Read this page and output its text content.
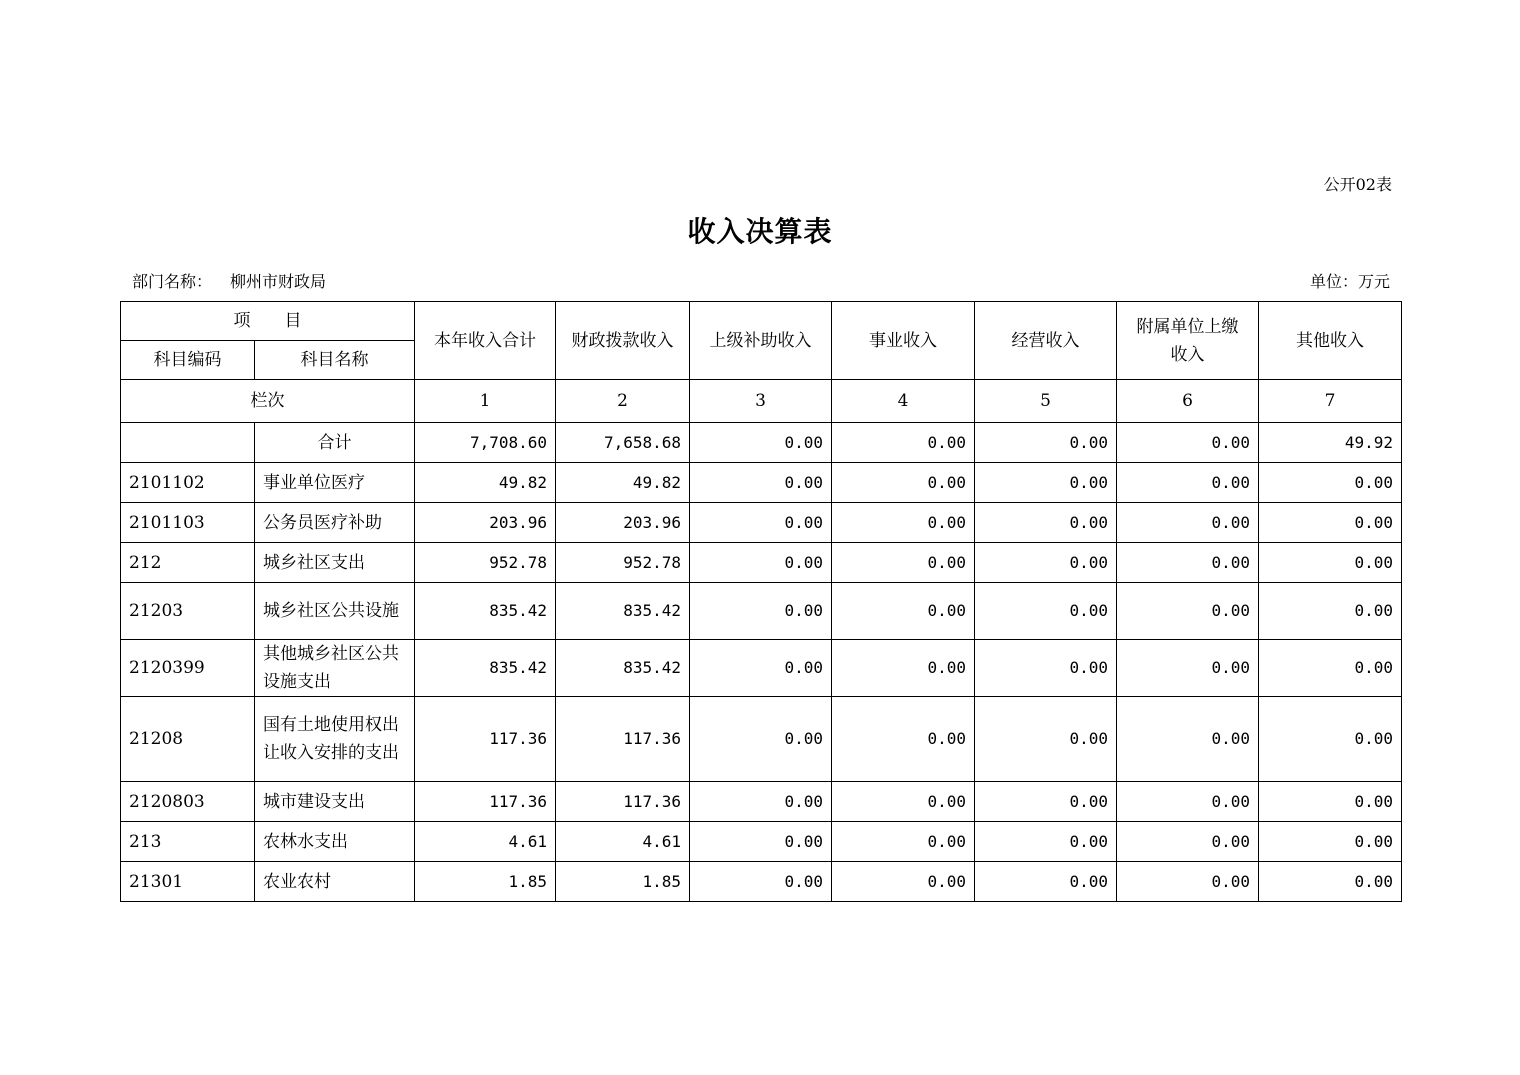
公开02表
收入决算表
部门名称： 柳州市财政局	单位：万元
项　　目		本年收入合计	财政拨款收入	上级补助收入	事业收入	经营收入	附属单位上缴收入	其他收入
科目编码	科目名称							
栏次		1	2	3	4	5	6	7
	合计	7,708.60	7,658.68	0.00	0.00	0.00	0.00	49.92
2101102	事业单位医疗	49.82	49.82	0.00	0.00	0.00	0.00	0.00
2101103	公务员医疗补助	203.96	203.96	0.00	0.00	0.00	0.00	0.00
212	城乡社区支出	952.78	952.78	0.00	0.00	0.00	0.00	0.00
21203	城乡社区公共设施	835.42	835.42	0.00	0.00	0.00	0.00	0.00
2120399	其他城乡社区公共设施支出	835.42	835.42	0.00	0.00	0.00	0.00	0.00
21208	国有土地使用权出让收入安排的支出	117.36	117.36	0.00	0.00	0.00	0.00	0.00
2120803	城市建设支出	117.36	117.36	0.00	0.00	0.00	0.00	0.00
213	农林水支出	4.61	4.61	0.00	0.00	0.00	0.00	0.00
21301	农业农村	1.85	1.85	0.00	0.00	0.00	0.00	0.00
